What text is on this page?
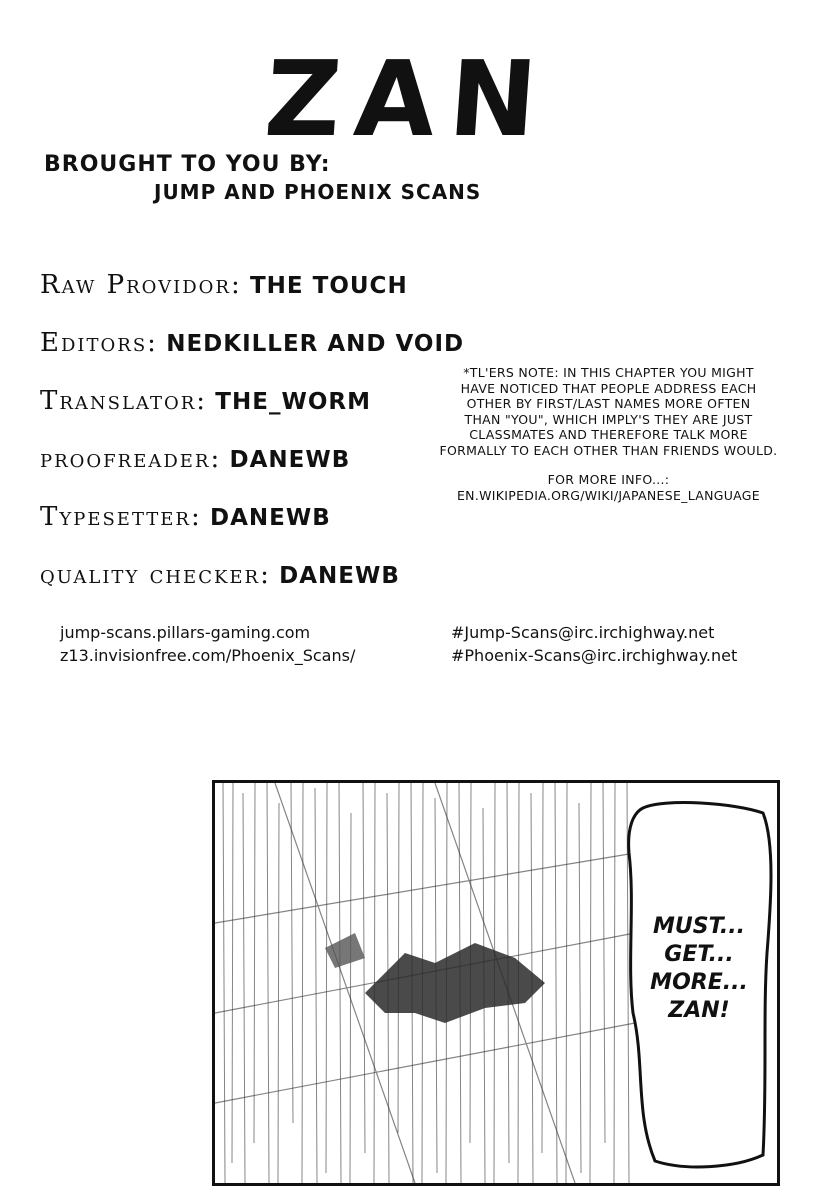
ZAN
BROUGHT TO YOU BY:
JUMP AND PHOENIX SCANS
Raw Providor: THE TOUCH
Editors: NEDKILLER AND VOID
Translator: THE_WORM
proofreader: DANEWB
Typesetter: DANEWB
quality checker: DANEWB

*TL'ERS NOTE: IN THIS CHAPTER YOU MIGHT

HAVE NOTICED THAT PEOPLE ADDRESS EACH

OTHER BY FIRST/LAST NAMES MORE OFTEN

THAN "YOU", WHICH IMPLY'S THEY ARE JUST

CLASSMATES AND THEREFORE TALK MORE

FORMALLY TO EACH OTHER THAN FRIENDS WOULD.

FOR MORE INFO...:

EN.WIKIPEDIA.ORG/WIKI/JAPANESE_LANGUAGE

jump-scans.pillars-gaming.com
z13.invisionfree.com/Phoenix_Scans/
#Jump-Scans@irc.irchighway.net
#Phoenix-Scans@irc.irchighway.net
MUST...
GET...
MORE...
ZAN!
